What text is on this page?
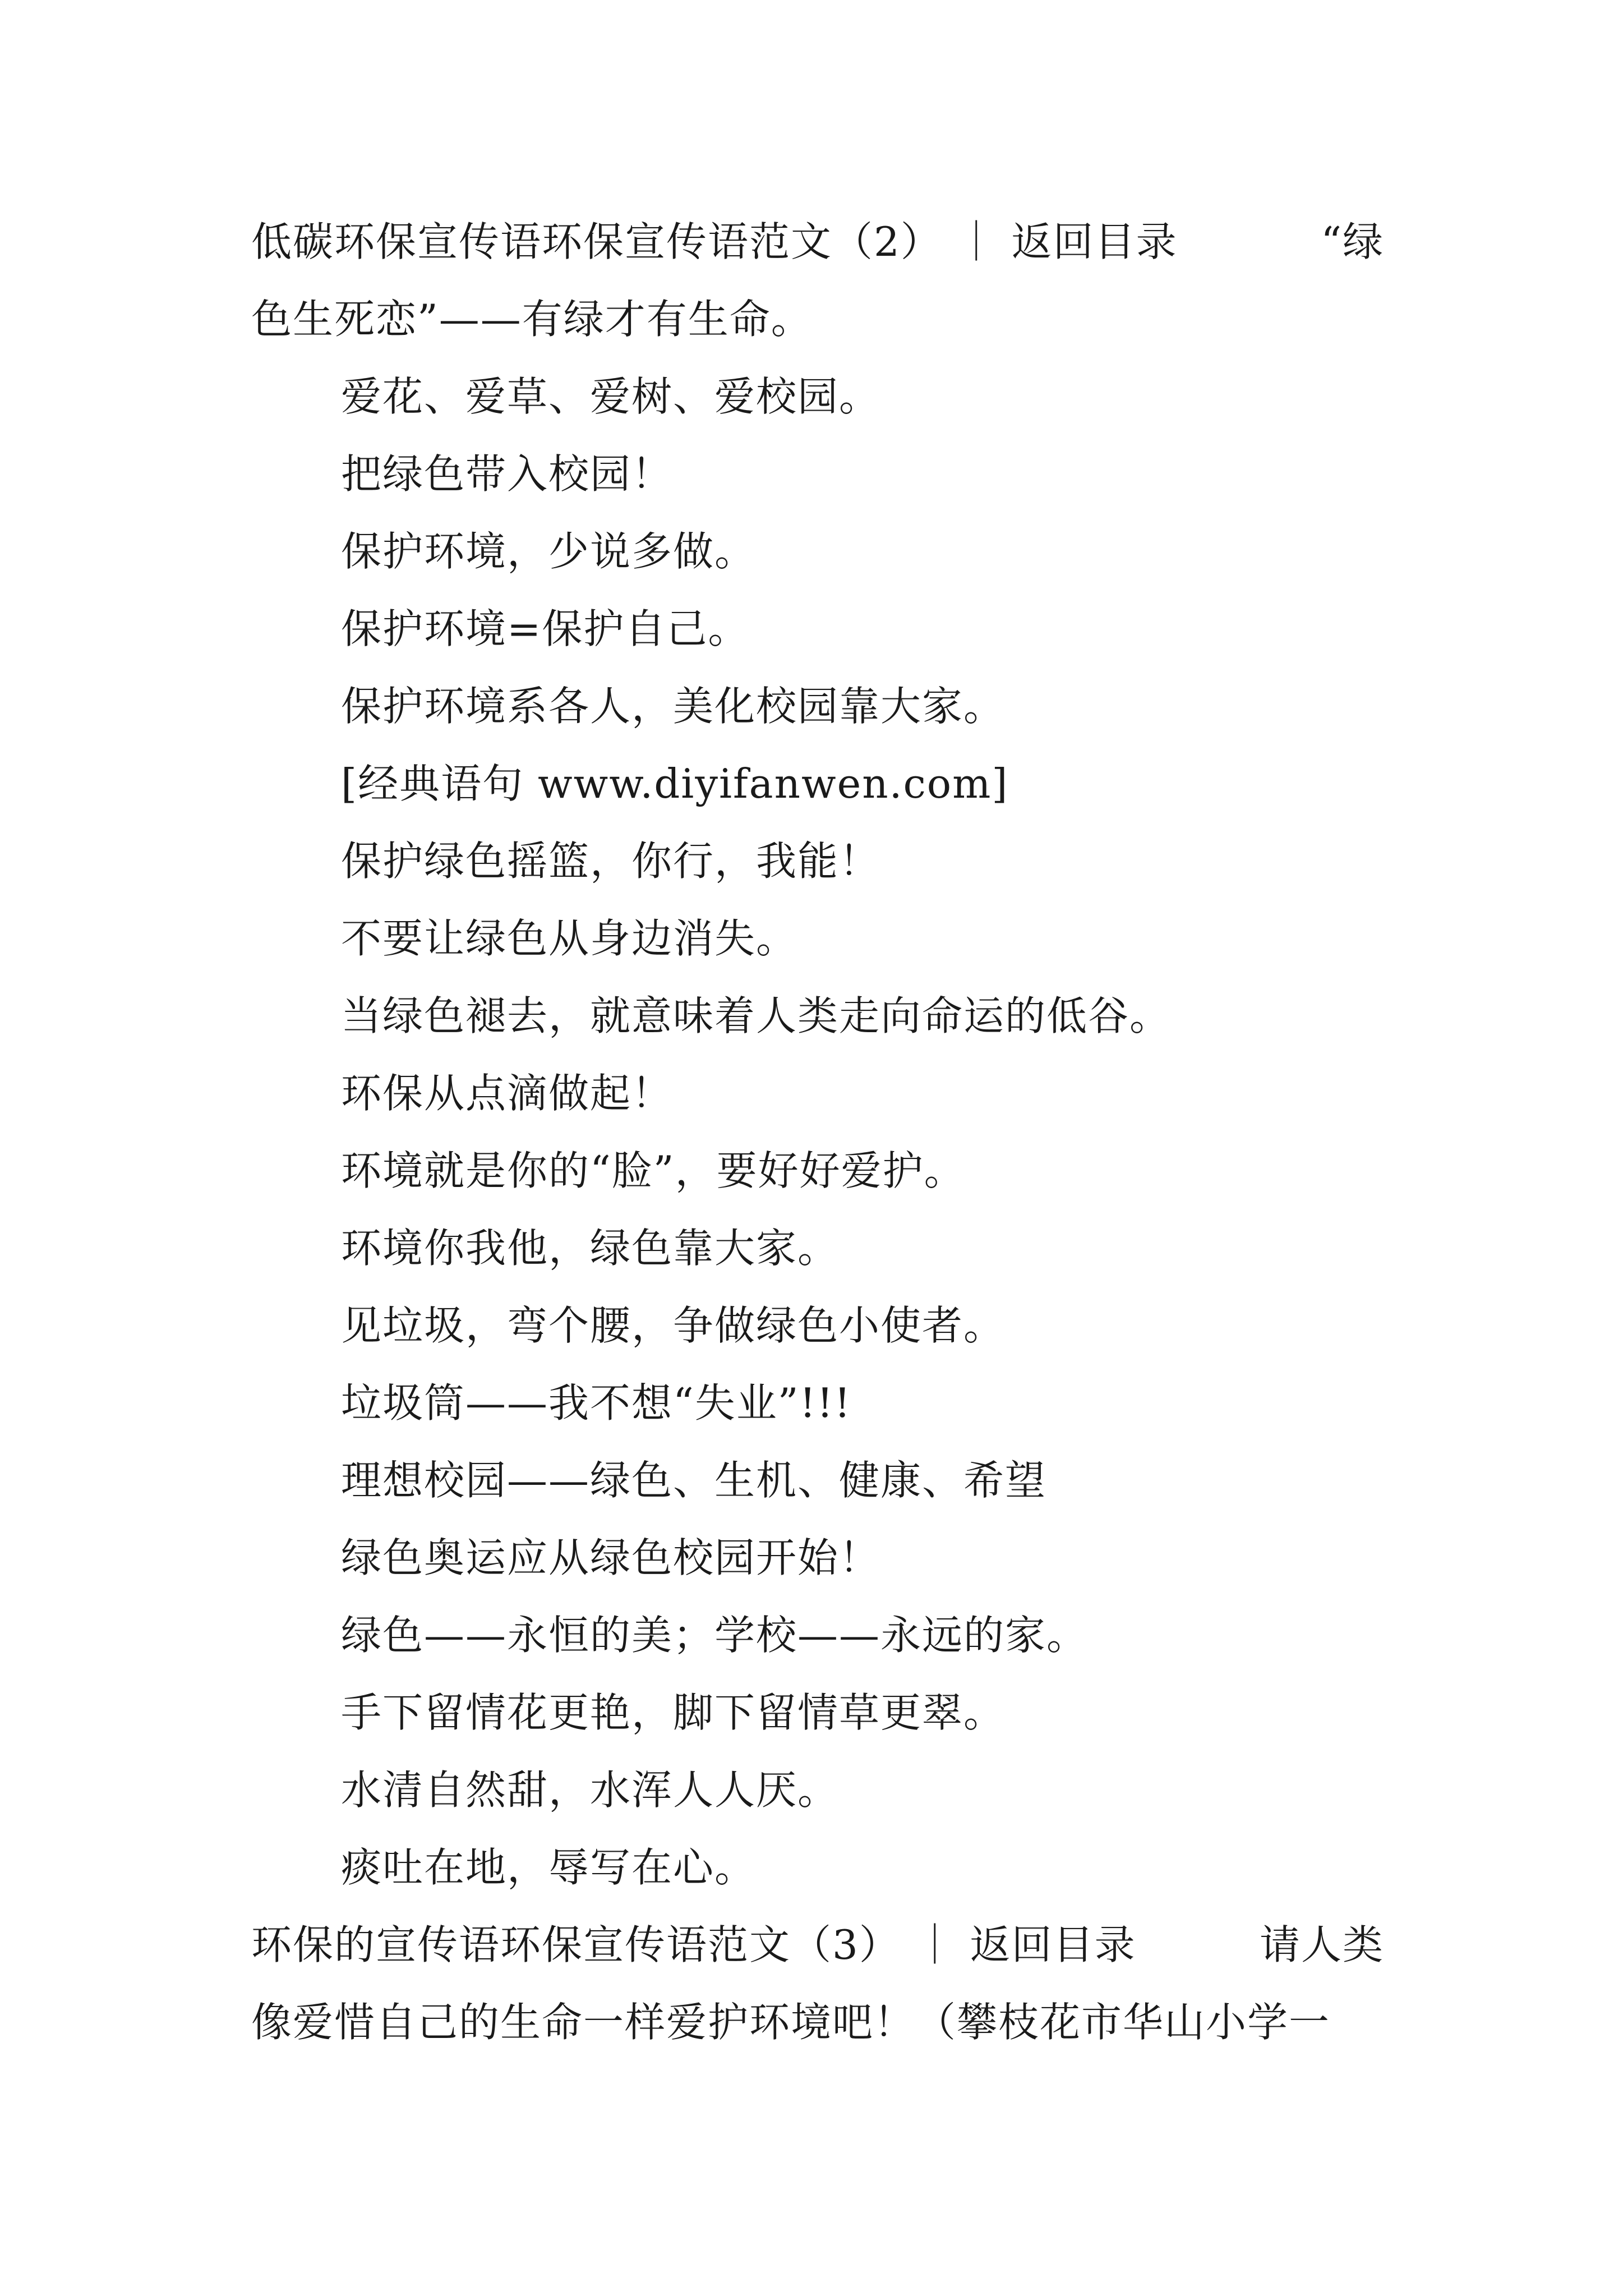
低碳环保宣传语环保宣传语范文（2） ｜ 返回目录	“绿
色生死恋”——有绿才有生命。
爱花、爱草、爱树、爱校园。
把绿色带入校园！
保护环境，少说多做。
保护环境=保护自己。
保护环境系各人，美化校园靠大家。
[经典语句 www.diyifanwen.com]
保护绿色摇篮，你行，我能！
不要让绿色从身边消失。
当绿色褪去，就意味着人类走向命运的低谷。
环保从点滴做起！
环境就是你的“脸”，要好好爱护。
环境你我他，绿色靠大家。
见垃圾，弯个腰，争做绿色小使者。
垃圾筒——我不想“失业”!!!
理想校园——绿色、生机、健康、希望
绿色奥运应从绿色校园开始！
绿色——永恒的美；学校——永远的家。
手下留情花更艳，脚下留情草更翠。
水清自然甜，水浑人人厌。
痰吐在地，辱写在心。
环保的宣传语环保宣传语范文（3） ｜ 返回目录	请人类
像爱惜自己的生命一样爱护环境吧！（攀枝花市华山小学一
